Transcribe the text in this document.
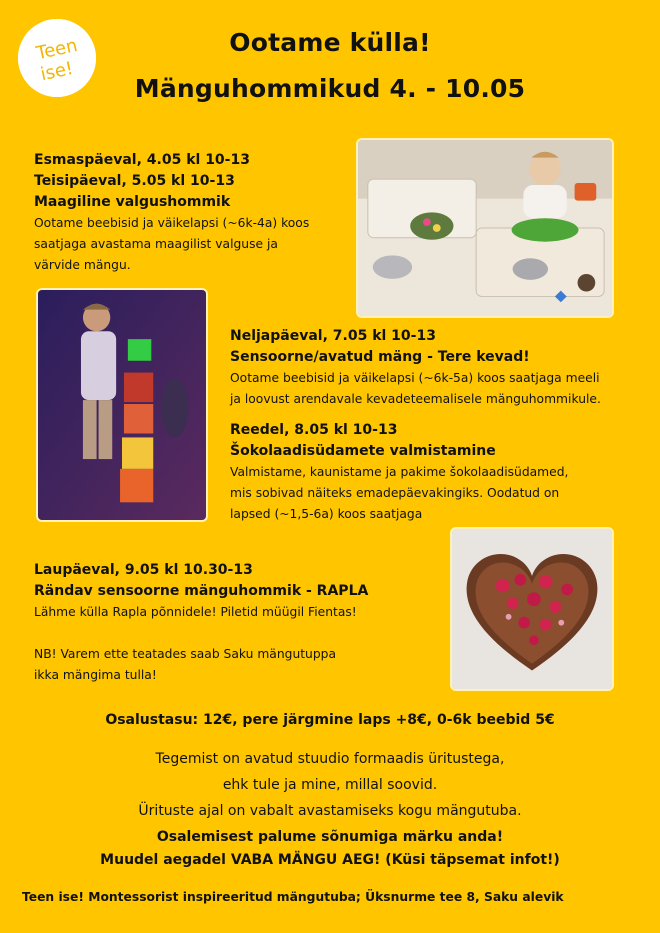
Teen
ise!
Ootame külla!
Mänguhommikud 4. - 10.05
Esmaspäeval, 4.05 kl 10-13
Teisipäeval, 5.05 kl 10-13
Maagiline valgushommik
Ootame beebisid ja väikelapsi (~6k-4a) koos
saatjaga avastama maagilist valguse ja
värvide mängu.
Neljapäeval, 7.05 kl 10-13
Sensoorne/avatud mäng - Tere kevad!
Ootame beebisid ja väikelapsi (~6k-5a) koos saatjaga meeli
ja loovust arendavale kevadeteemalisele mänguhommikule.
Reedel, 8.05 kl 10-13
Šokolaadisüdamete valmistamine
Valmistame, kaunistame ja pakime šokolaadisüdamed,
mis sobivad näiteks emadepäevakingiks. Oodatud on
lapsed (~1,5-6a) koos saatjaga
Laupäeval, 9.05 kl 10.30-13
Rändav sensoorne mänguhommik - RAPLA
Lähme külla Rapla põnnidele! Piletid müügil Fientas!
NB! Varem ette teatades saab Saku mängutuppa
ikka mängima tulla!
Osalustasu: 12€, pere järgmine laps +8€, 0-6k beebid 5€
Tegemist on avatud stuudio formaadis üritustega,
ehk tule ja mine, millal soovid.
Ürituste ajal on vabalt avastamiseks kogu mängutuba.
Osalemisest palume sõnumiga märku anda!
Muudel aegadel VABA MÄNGU AEG! (Küsi täpsemat infot!)
Teen ise! Montessorist inspireeritud mängutuba; Üksnurme tee 8, Saku alevik
